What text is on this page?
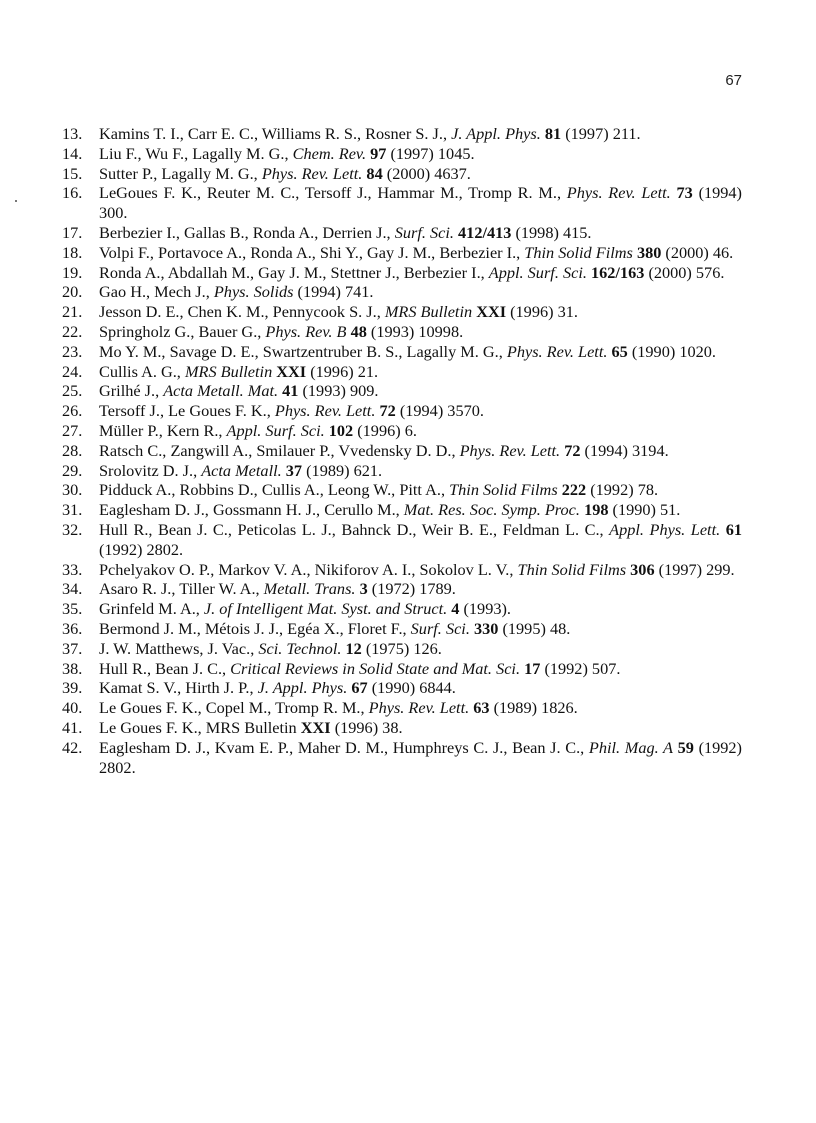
67
13.	Kamins T. I., Carr E. C., Williams R. S., Rosner S. J., J. Appl. Phys. 81 (1997) 211.
14.	Liu F., Wu F., Lagally M. G., Chem. Rev. 97 (1997) 1045.
15.	Sutter P., Lagally M. G., Phys. Rev. Lett. 84 (2000) 4637.
16.	LeGoues F. K., Reuter M. C., Tersoff J., Hammar M., Tromp R. M., Phys. Rev. Lett. 73 (1994) 300.
17.	Berbezier I., Gallas B., Ronda A., Derrien J., Surf. Sci. 412/413 (1998) 415.
18.	Volpi F., Portavoce A., Ronda A., Shi Y., Gay J. M., Berbezier I., Thin Solid Films 380 (2000) 46.
19.	Ronda A., Abdallah M., Gay J. M., Stettner J., Berbezier I., Appl. Surf. Sci. 162/163 (2000) 576.
20.	Gao H., Mech J., Phys. Solids (1994) 741.
21.	Jesson D. E., Chen K. M., Pennycook S. J., MRS Bulletin XXI (1996) 31.
22.	Springholz G., Bauer G., Phys. Rev. B 48 (1993) 10998.
23.	Mo Y. M., Savage D. E., Swartzentruber B. S., Lagally M. G., Phys. Rev. Lett. 65 (1990) 1020.
24.	Cullis A. G., MRS Bulletin XXI (1996) 21.
25.	Grilhé J., Acta Metall. Mat. 41 (1993) 909.
26.	Tersoff J., Le Goues F. K., Phys. Rev. Lett. 72 (1994) 3570.
27.	Müller P., Kern R., Appl. Surf. Sci. 102 (1996) 6.
28.	Ratsch C., Zangwill A., Smilauer P., Vvedensky D. D., Phys. Rev. Lett. 72 (1994) 3194.
29.	Srolovitz D. J., Acta Metall. 37 (1989) 621.
30.	Pidduck A., Robbins D., Cullis A., Leong W., Pitt A., Thin Solid Films 222 (1992) 78.
31.	Eaglesham D. J., Gossmann H. J., Cerullo M., Mat. Res. Soc. Symp. Proc. 198 (1990) 51.
32.	Hull R., Bean J. C., Peticolas L. J., Bahnck D., Weir B. E., Feldman L. C., Appl. Phys. Lett. 61 (1992) 2802.
33.	Pchelyakov O. P., Markov V. A., Nikiforov A. I., Sokolov L. V., Thin Solid Films 306 (1997) 299.
34.	Asaro R. J., Tiller W. A., Metall. Trans. 3 (1972) 1789.
35.	Grinfeld M. A., J. of Intelligent Mat. Syst. and Struct. 4 (1993).
36.	Bermond J. M., Métois J. J., Egéa X., Floret F., Surf. Sci. 330 (1995) 48.
37.	J. W. Matthews, J. Vac., Sci. Technol. 12 (1975) 126.
38.	Hull R., Bean J. C., Critical Reviews in Solid State and Mat. Sci. 17 (1992) 507.
39.	Kamat S. V., Hirth J. P., J. Appl. Phys. 67 (1990) 6844.
40.	Le Goues F. K., Copel M., Tromp R. M., Phys. Rev. Lett. 63 (1989) 1826.
41.	Le Goues F. K., MRS Bulletin XXI (1996) 38.
42.	Eaglesham D. J., Kvam E. P., Maher D. M., Humphreys C. J., Bean J. C., Phil. Mag. A 59 (1992) 2802.
